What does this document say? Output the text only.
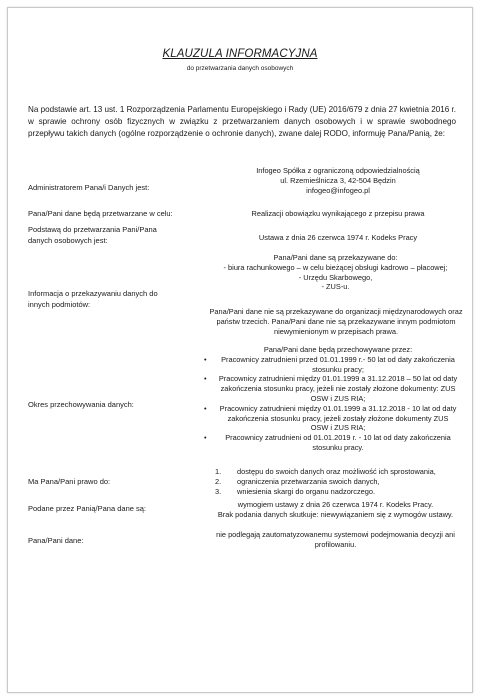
KLAUZULA INFORMACYJNA
do przetwarzania danych osobowych
Na podstawie art. 13 ust. 1 Rozporządzenia Parlamentu Europejskiego i Rady (UE) 2016/679 z dnia 27 kwietnia 2016 r. w sprawie ochrony osób fizycznych w związku z przetwarzaniem danych osobowych i w sprawie swobodnego przepływu takich danych (ogólne rozporządzenie o ochronie danych), zwane dalej RODO, informuję Pana/Panią, że:
Administratorem Pana/i Danych jest:

Infogeo Spółka z ograniczoną odpowiedzialnością

ul. Rzemieślnicza 3, 42-504 Będzin

infogeo@infogeo.pl

Pana/Pani dane będą przetwarzane w celu:	Realizacji obowiązku wynikającego z przepisu prawa
Podstawą do przetwarzania Pani/Pana danych osobowych jest:	Ustawa z dnia 26 czerwca 1974 r. Kodeks Pracy
Informacja o przekazywaniu danych do innych podmiotów:

Pana/Pani dane są przekazywane do:

- biura rachunkowego – w celu bieżącej obsługi kadrowo – płacowej;

- Urzędu Skarbowego,

- ZUS-u.

Pana/Pani dane nie są przekazywane do organizacji międzynarodowych oraz państw trzecich. Pana/Pani dane nie są przekazywane innym podmiotom niewymienionym w przepisach prawa.
Okres przechowywania danych:

Pana/Pani dane będą przechowywane przez:

• Pracownicy zatrudnieni przed 01.01.1999 r.- 50 lat od daty zakończenia stosunku pracy;
• Pracownicy zatrudnieni między 01.01.1999 a 31.12.2018 – 50 lat od daty zakończenia stosunku pracy, jeżeli nie zostały złożone dokumenty: ZUS OSW i ZUS RIA;
• Pracownicy zatrudnieni między 01.01.1999 a 31.12.2018 - 10 lat od daty zakończenia stosunku pracy, jeżeli zostały złożone dokumenty ZUS OSW i ZUS RIA;
•	Pracownicy zatrudnieni od 01.01.2019 r. - 10 lat od daty zakończenia stosunku pracy.
Ma Pana/Pani prawo do:
1.	dostępu do swoich danych oraz możliwość ich sprostowania,
2.	ograniczenia przetwarzania swoich danych,
3.	wniesienia skargi do organu nadzorczego.
Podane przez Panią/Pana dane są:	wymogiem ustawy z dnia 26 czerwca 1974 r. Kodeks Pracy.

Brak podania danych skutkuje: niewywiązaniem się z wymogów ustawy.

Pana/Pani dane:
nie podlegają zautomatyzowanemu systemowi podejmowania decyzji ani profilowaniu.
